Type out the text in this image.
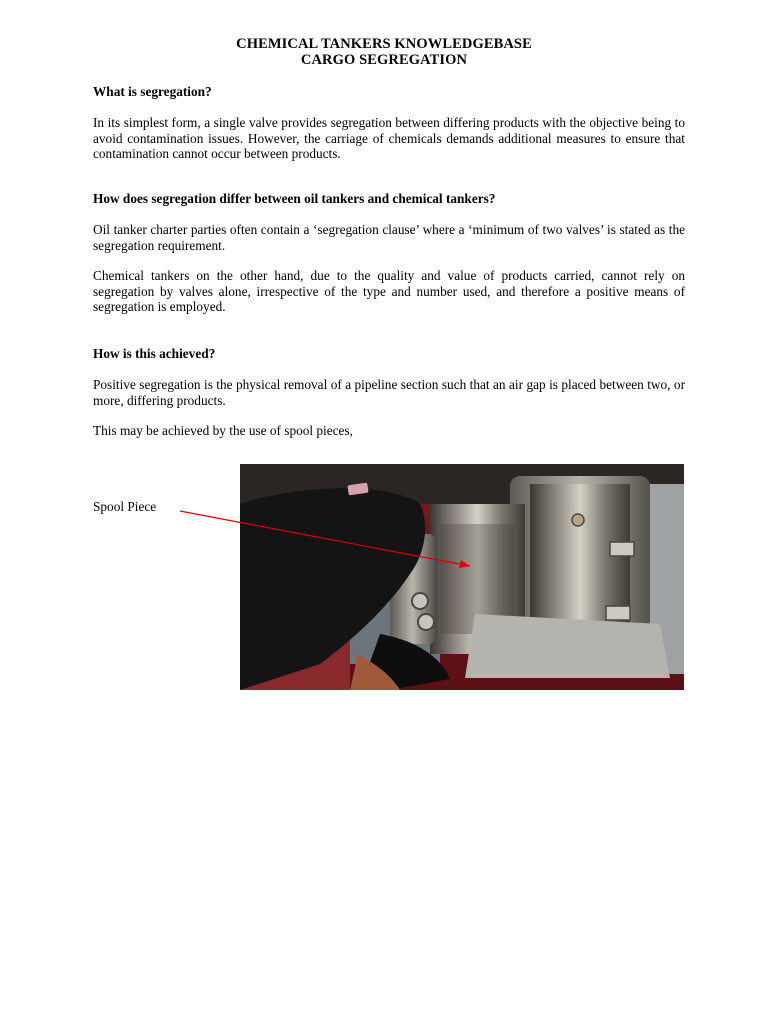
CHEMICAL TANKERS KNOWLEDGEBASE
CARGO SEGREGATION
What is segregation?
In its simplest form, a single valve provides segregation between differing products with the objective being to avoid contamination issues. However, the carriage of chemicals demands additional measures to ensure that contamination cannot occur between products.
How does segregation differ between oil tankers and chemical tankers?
Oil tanker charter parties often contain a ‘segregation clause’ where a ‘minimum of two valves’ is stated as the segregation requirement.
Chemical tankers on the other hand, due to the quality and value of products carried, cannot rely on segregation by valves alone, irrespective of the type and number used, and therefore a positive means of segregation is employed.
How is this achieved?
Positive segregation is the physical removal of a pipeline section such that an air gap is placed between two, or more, differing products.
This may be achieved by the use of spool pieces,
Spool Piece
